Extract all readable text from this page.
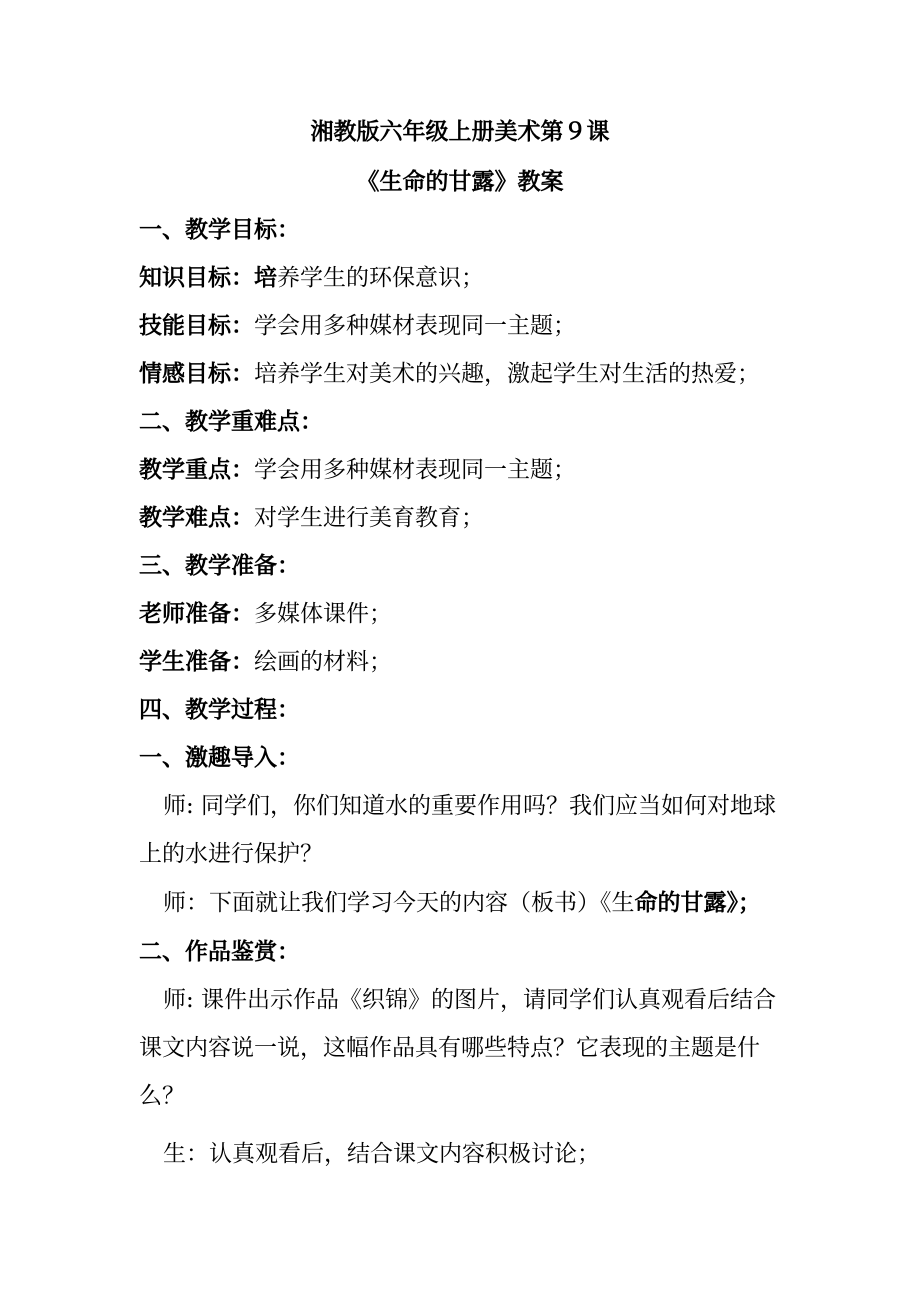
湘教版六年级上册美术第９课
《生命的甘露》教案
一、教学目标：
知识目标：培养学生的环保意识；
技能目标：学会用多种媒材表现同一主题；
情感目标：培养学生对美术的兴趣，激起学生对生活的热爱；
二、教学重难点：
教学重点：学会用多种媒材表现同一主题；
教学难点：对学生进行美育教育；
三、教学准备：
老师准备：多媒体课件；
学生准备：绘画的材料；
四、教学过程：
一、激趣导入：
师: 同学们，你们知道水的重要作用吗？我们应当如何对地球
上的水进行保护？
师：下面就让我们学习今天的内容（板书）《生命的甘露》；
二、作品鉴赏：
师: 课件出示作品《织锦》的图片，请同学们认真观看后结合
课文内容说一说，这幅作品具有哪些特点？它表现的主题是什
么？
生：认真观看后，结合课文内容积极讨论；
